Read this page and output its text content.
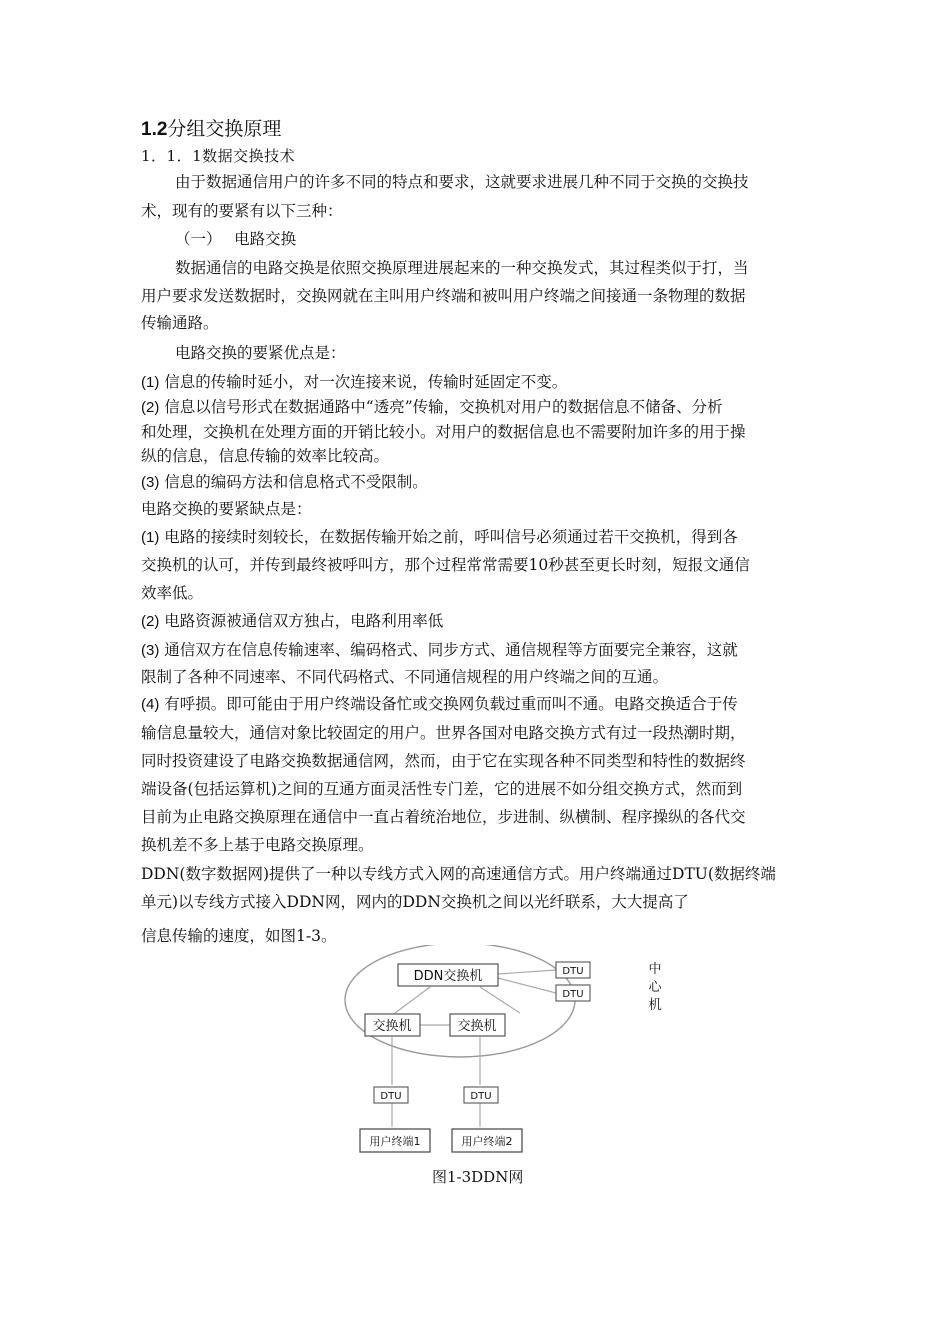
1.2分组交换原理
1．1．1数据交换技术
由于数据通信用户的许多不同的特点和要求，这就要求进展几种不同于交换的交换技
术，现有的要紧有以下三种：
（一）　 电路交换
数据通信的电路交换是依照交换原理进展起来的一种交换发式，其过程类似于打，当
用户要求发送数据时，交换网就在主叫用户终端和被叫用户终端之间接通一条物理的数据
传输通路。
电路交换的要紧优点是：
(1) 信息的传输时延小，对一次连接来说，传输时延固定不变。
(2) 信息以信号形式在数据通路中“透亮”传输，交换机对用户的数据信息不储备、分析
和处理，交换机在处理方面的开销比较小。对用户的数据信息也不需要附加许多的用于操
纵的信息，信息传输的效率比较高。
(3) 信息的编码方法和信息格式不受限制。
电路交换的要紧缺点是：
(1) 电路的接续时刻较长，在数据传输开始之前，呼叫信号必须通过若干交换机，得到各
交换机的认可，并传到最终被呼叫方，那个过程常常需要10秒甚至更长时刻，短报文通信
效率低。
(2) 电路资源被通信双方独占，电路利用率低
(3) 通信双方在信息传输速率、编码格式、同步方式、通信规程等方面要完全兼容，这就
限制了各种不同速率、不同代码格式、不同通信规程的用户终端之间的互通。
(4) 有呼损。即可能由于用户终端设备忙或交换网负载过重而叫不通。电路交换适合于传
输信息量较大，通信对象比较固定的用户。世界各国对电路交换方式有过一段热潮时期，
同时投资建设了电路交换数据通信网，然而，由于它在实现各种不同类型和特性的数据终
端设备(包括运算机)之间的互通方面灵活性专门差，它的进展不如分组交换方式，然而到
目前为止电路交换原理在通信中一直占着统治地位，步进制、纵横制、程序操纵的各代交
换机差不多上基于电路交换原理。
DDN(数字数据网)提供了一种以专线方式入网的高速通信方式。用户终端通过DTU(数据终端
单元)以专线方式接入DDN网，网内的DDN交换机之间以光纤联系，大大提高了
信息传输的速度，如图1-3。
DDN交换机
交换机	交换机
DTU
DTU
中
心
机
DTU	DTU
用户终端1	用户终端2
图1-3DDN网
